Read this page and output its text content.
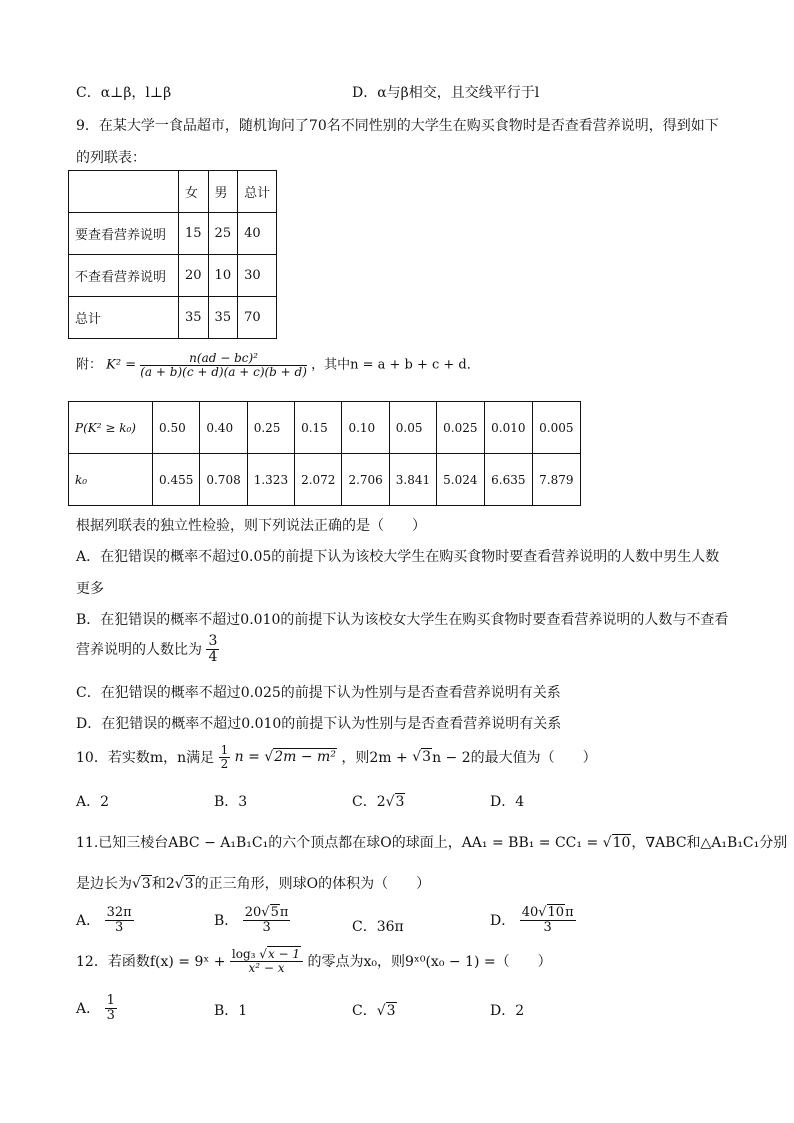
C．α⊥β，l⊥β	D．α与β相交，且交线平行于l
9．在某大学一食品超市，随机询问了70名不同性别的大学生在购买食物时是否查看营养说明，得到如下
的列联表：
	女	男	总计
要查看营养说明	15	25	40
不查看营养说明	20	10	30
总计	35	35	70
附： $K^2 = \frac{\text{n(ad − bc)²}}{(a + b)(c + d)(a + c)(b + d)}$ ，其中n = a + b + c + d．
P(K² ≥ k₀)	0.50	0.40	0.25	0.15	0.10	0.05	0.025	0.010	0.005
k₀	0.455	0.708	1.323	2.072	2.706	3.841	5.024	6.635	7.879
根据列联表的独立性检验，则下列说法正确的是（　　）
A．在犯错误的概率不超过0.05的前提下认为该校大学生在购买食物时要查看营养说明的人数中男生人数
更多
B．在犯错误的概率不超过0.010的前提下认为该校女大学生在购买食物时要查看营养说明的人数与不查看
营养说明的人数比为 $\frac{3}{4}$
C．在犯错误的概率不超过0.025的前提下认为性别与是否查看营养说明有关系
D．在犯错误的概率不超过0.010的前提下认为性别与是否查看营养说明有关系
10．若实数m，n满足 $\frac{1}{2}$ n = √2m − m² ，则2m + √3n − 2的最大值为（　　）
A．2	B．3	C．2√3	D．4
11.已知三棱台ABC − A₁B₁C₁的六个顶点都在球O的球面上，AA₁ = BB₁ = CC₁ = √10，∇ABC和△A₁B₁C₁分别
是边长为√3和2√3的正三角形，则球O的体积为（　　）
A． $\frac{32\pi}{3}$	B． $\frac{20√5\pi}{3}$	C．36π	D． $\frac{40√10\pi}{3}$
12．若函数f(x) = 9ˣ + $\frac{\text{log₃ √x − 1}}{\text{x² − x}}$ 的零点为x₀，则9ˣ⁰(x₀ − 1) =（　　）
A． $\frac{1}{3}$	B．1	C．√3	D．2
